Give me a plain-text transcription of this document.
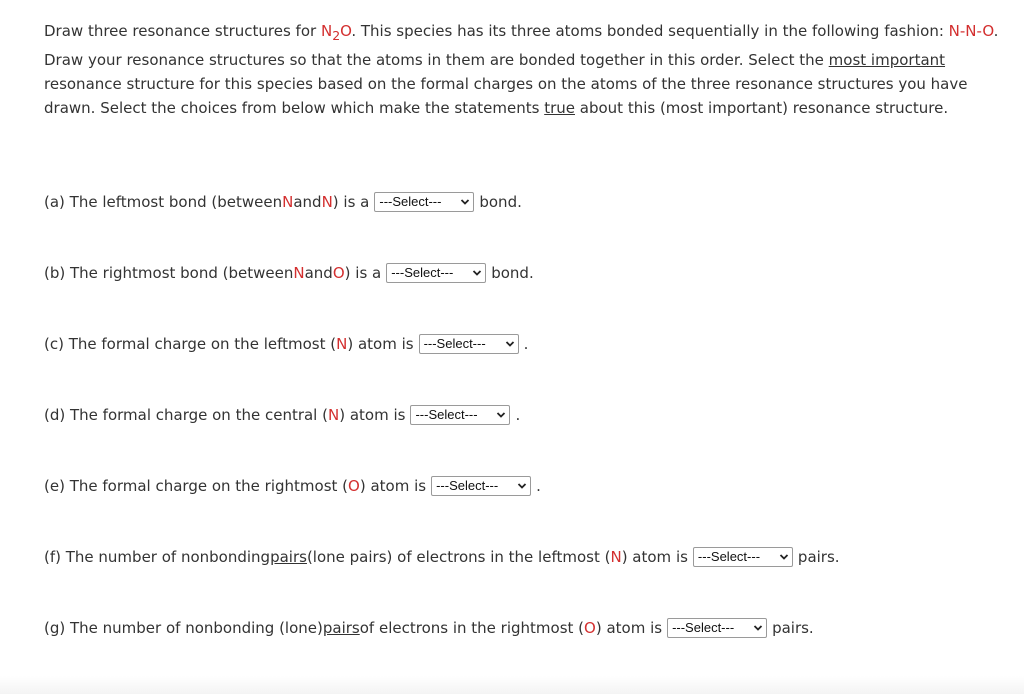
Draw three resonance structures for $N_2O$. This species has its three atoms bonded sequentially in the following fashion: N-N-O. Draw your resonance structures so that the atoms in them are bonded together in this order. Select the most important resonance structure for this species based on the formal charges on the atoms of the three resonance structures you have drawn. Select the choices from below which make the statements true about this (most important) resonance structure.

(a) The leftmost bond (between N and N ) is a ---Select---	bond.

(b) The rightmost bond (between N and O ) is a ---Select---	bond.

(c) The formal charge on the leftmost ( N ) atom is ---Select---	.

(d) The formal charge on the central ( N ) atom is ---Select---	.

(e) The formal charge on the rightmost ( O ) atom is ---Select---	.

(f) The number of nonbonding pairs (lone pairs) of electrons in the leftmost ( N ) atom is ---Select---	pairs.

(g) The number of nonbonding (lone) pairs of electrons in the rightmost ( O ) atom is ---Select---	pairs.
